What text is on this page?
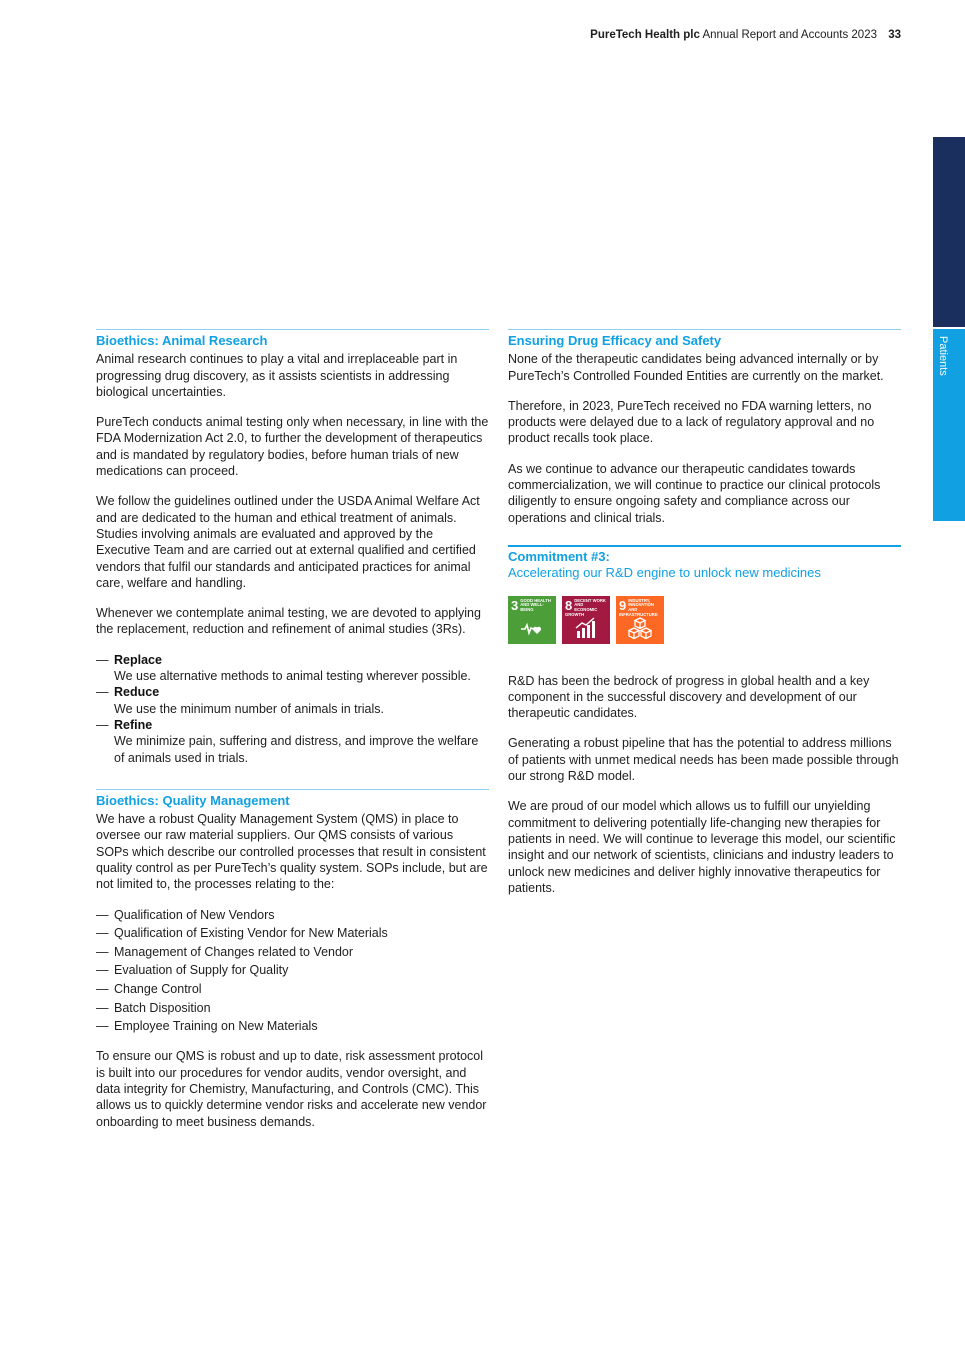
PureTech Health plc Annual Report and Accounts 2023 33
Patients
Bioethics: Animal Research

Animal research continues to play a vital and irreplaceable part in progressing drug discovery, as it assists scientists in addressing biological uncertainties.

PureTech conducts animal testing only when necessary, in line with the FDA Modernization Act 2.0, to further the development of therapeutics and is mandated by regulatory bodies, before human trials of new medications can proceed.

We follow the guidelines outlined under the USDA Animal Welfare Act and are dedicated to the human and ethical treatment of animals. Studies involving animals are evaluated and approved by the Executive Team and are carried out at external qualified and certified vendors that fulfil our standards and anticipated practices for animal care, welfare and handling.

Whenever we contemplate animal testing, we are devoted to applying the replacement, reduction and refinement of animal studies (3Rs).

— Replace
We use alternative methods to animal testing wherever possible.
— Reduce
We use the minimum number of animals in trials.
— Refine
We minimize pain, suffering and distress, and improve the welfare of animals used in trials.
Bioethics: Quality Management

We have a robust Quality Management System (QMS) in place to oversee our raw material suppliers. Our QMS consists of various SOPs which describe our controlled processes that result in consistent quality control as per PureTech’s quality system. SOPs include, but are not limited to, the processes relating to the:

— Qualification of New Vendors
— Qualification of Existing Vendor for New Materials
— Management of Changes related to Vendor
— Evaluation of Supply for Quality
— Change Control
— Batch Disposition
— Employee Training on New Materials

To ensure our QMS is robust and up to date, risk assessment protocol is built into our procedures for vendor audits, vendor oversight, and data integrity for Chemistry, Manufacturing, and Controls (CMC). This allows us to quickly determine vendor risks and accelerate new vendor onboarding to meet business demands.

Ensuring Drug Efficacy and Safety

None of the therapeutic candidates being advanced internally or by PureTech’s Controlled Founded Entities are currently on the market.

Therefore, in 2023, PureTech received no FDA warning letters, no products were delayed due to a lack of regulatory approval and no product recalls took place.

As we continue to advance our therapeutic candidates towards commercialization, we will continue to practice our clinical protocols diligently to ensure ongoing safety and compliance across our operations and clinical trials.

Commitment #3:
Accelerating our R&D engine to unlock new medicines
3 GOOD HEALTH AND WELL-BEING	8 DECENT WORK AND ECONOMIC GROWTH
9 INDUSTRY, INNOVATION AND INFRASTRUCTURE

R&D has been the bedrock of progress in global health and a key component in the successful discovery and development of our therapeutic candidates.

Generating a robust pipeline that has the potential to address millions of patients with unmet medical needs has been made possible through our strong R&D model.

We are proud of our model which allows us to fulfill our unyielding commitment to delivering potentially life-changing new therapies for patients in need. We will continue to leverage this model, our scientific insight and our network of scientists, clinicians and industry leaders to unlock new medicines and deliver highly innovative therapeutics for patients.
